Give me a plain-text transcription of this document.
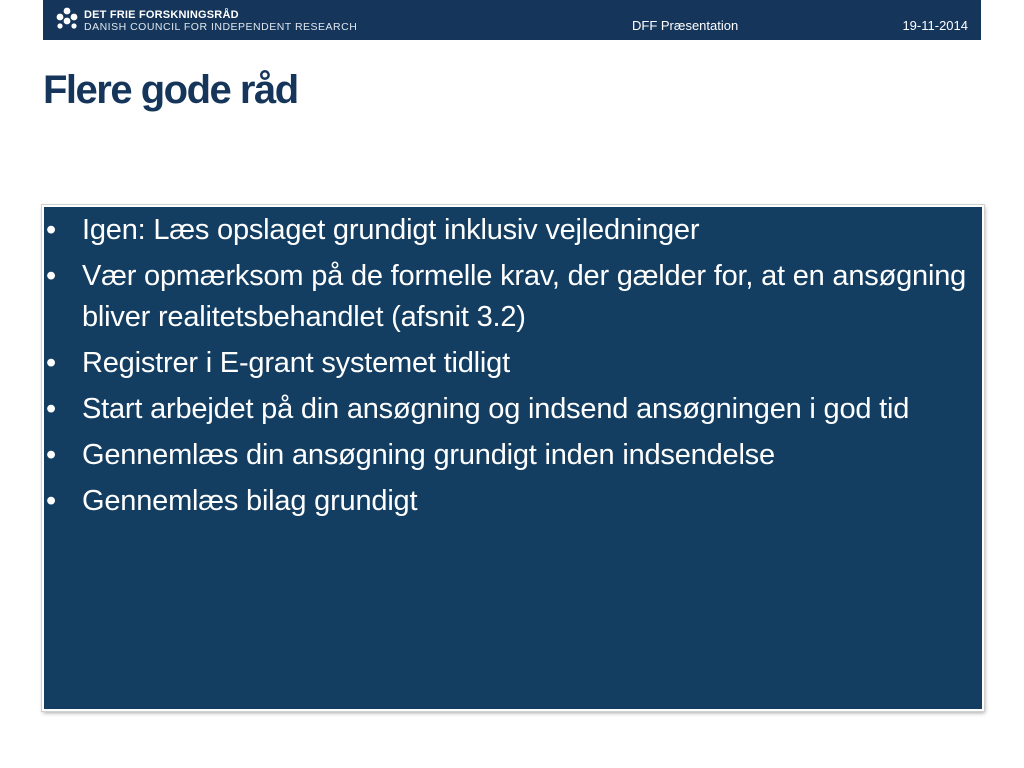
DET FRIE FORSKNINGSRÅD
DANISH COUNCIL FOR INDEPENDENT RESEARCH	DFF Præsentation	19-11-2014
Flere gode råd
• Igen: Læs opslaget grundigt inklusiv vejledninger
• Vær opmærksom på de formelle krav, der gælder for, at en ansøgning bliver realitetsbehandlet (afsnit 3.2)
• Registrer i E-grant systemet tidligt
• Start arbejdet på din ansøgning og indsend ansøgningen i god tid
• Gennemlæs din ansøgning grundigt inden indsendelse
• Gennemlæs bilag grundigt
